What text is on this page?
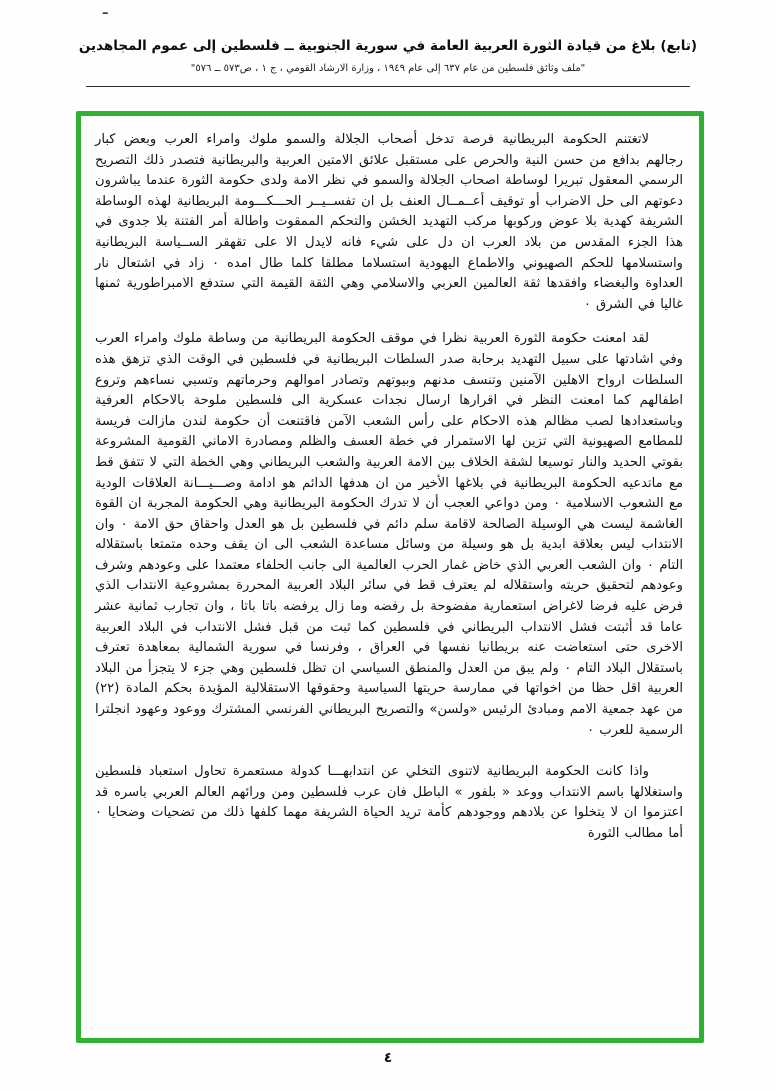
–
(تابع) بلاغ من قيادة الثورة العربية العامة في سورية الجنوبية ــ فلسطين إلى عموم المجاهدين
"ملف وثائق فلسطين من عام ٦٣٧ إلى عام ١٩٤٩ ، وزارة الارشاد القومي ، ج ١ ، ص٥٧٣ ــ ٥٧٦"

لاتغتنم الحكومة البريطانية فرصة تدخل أصحاب الجلالة والسمو ملوك وامراء العرب وبعض كبار رجالهم بدافع من حسن النية والحرص على مستقبل علائق الامتين العربية والبريطانية فتصدر ذلك التصريح الرسمي المعقول تبريرا لوساطة اصحاب الجلالة والسمو في نظر الامة ولدى حكومة الثورة عندما يباشرون دعوتهم الى حل الاضراب أو توقيف أعــمــال العنف بل ان تفســيــر الحـــكـــومة البريطانية لهذه الوساطة الشريفة كهدية بلا عوض وركوبها مركب التهديد الخشن والتحكم الممقوت واطالة أمر الفتنة بلا جدوى في هذا الجزء المقدس من بلاد العرب ان دل على شيء فانه لايدل الا على تقهقر الســياسة البريطانية واستسلامها للحكم الصهيوني والاطماع اليهودية استسلاما مطلقا كلما طال امده ٠ زاد في اشتعال نار العداوة والبغضاء وافقدها ثقة العالمين العربي والاسلامي وهي الثقة القيمة التي ستدفع الامبراطورية ثمنها غاليا في الشرق ٠

لقد امعنت حكومة الثورة العربية نظرا في موقف الحكومة البريطانية من وساطة ملوك وامراء العرب وفي اشادتها على سبيل التهديد برحابة صدر السلطات البريطانية في فلسطين في الوقت الذي تزهق هذه السلطات ارواح الاهلين الآمنين وتنسف مدنهم وبيوتهم وتصادر اموالهم وحرماتهم وتسبي نساءهم وتروع اطفالهم كما امعنت النظر في اقرارها ارسال نجدات عسكرية الى فلسطين ملوحة بالاحكام العرفية وباستعدادها لصب مظالم هذه الاحكام على رأس الشعب الآمن فاقتنعت أن حكومة لندن مازالت فريسة للمطامع الصهيونية التي تزين لها الاستمرار في خطة العسف والظلم ومصادرة الاماني القومية المشروعة بقوتي الحديد والنار توسيعا لشقة الخلاف بين الامة العربية والشعب البريطاني وهي الخطة التي لا تتفق قط مع ماتدعيه الحكومة البريطانية في بلاغها الأخير من ان هدفها الدائم هو ادامة وصـــيـــانة العلاقات الودية مع الشعوب الاسلامية ٠ ومن دواعي العجب أن لا تدرك الحكومة البريطانية وهي الحكومة المجربة ان القوة الغاشمة ليست هي الوسيلة الصالحة لاقامة سلم دائم في فلسطين بل هو العدل واحقاق حق الامة ٠ وان الانتداب ليس بعلاقة ابدية بل هو وسيلة من وسائل مساعدة الشعب الى ان يقف وحده متمتعا باستقلاله التام ٠ وان الشعب العربي الذي خاض غمار الحرب العالمية الى جانب الحلفاء معتمدا على وعودهم وشرف وعودهم لتحقيق حريته واستقلاله لم يعترف قط في سائر البلاد العربية المحررة بمشروعية الانتداب الذي فرض عليه فرضا لاغراض استعمارية مفضوحة بل رفضه وما زال يرفضه باتا باتا ، وان تجارب ثمانية عشر عاما قد أثبتت فشل الانتداب البريطاني في فلسطين كما ثبت من قبل فشل الانتداب في البلاد العربية الاخرى حتى استعاضت عنه بريطانيا نفسها في العراق ، وفرنسا في سورية الشمالية بمعاهدة تعترف باستقلال البلاد التام ٠ ولم يبق من العدل والمنطق السياسي ان تظل فلسطين وهي جزء لا يتجزأ من البلاد العربية اقل حظا من اخواتها في ممارسة حريتها السياسية وحقوقها الاستقلالية المؤيدة بحكم المادة (٢٢) من عهد جمعية الامم ومبادئ الرئيس «ولسن» والتصريح البريطاني الفرنسي المشترك ووعود وعهود انجلترا الرسمية للعرب ٠

واذا كانت الحكومة البريطانية لاتنوى التخلي عن انتدابهـــا كدولة مستعمرة تحاول استعباد فلسطين واستغلالها باسم الانتداب ووعد « بلفور » الباطل فان عرب فلسطين ومن ورائهم العالم العربي باسره قد اعتزموا ان لا يتخلوا عن بلادهم ووجودهم كأمة تريد الحياة الشريفة مهما كلفها ذلك من تضحيات وضحايا ٠ أما مطالب الثورة

٤
